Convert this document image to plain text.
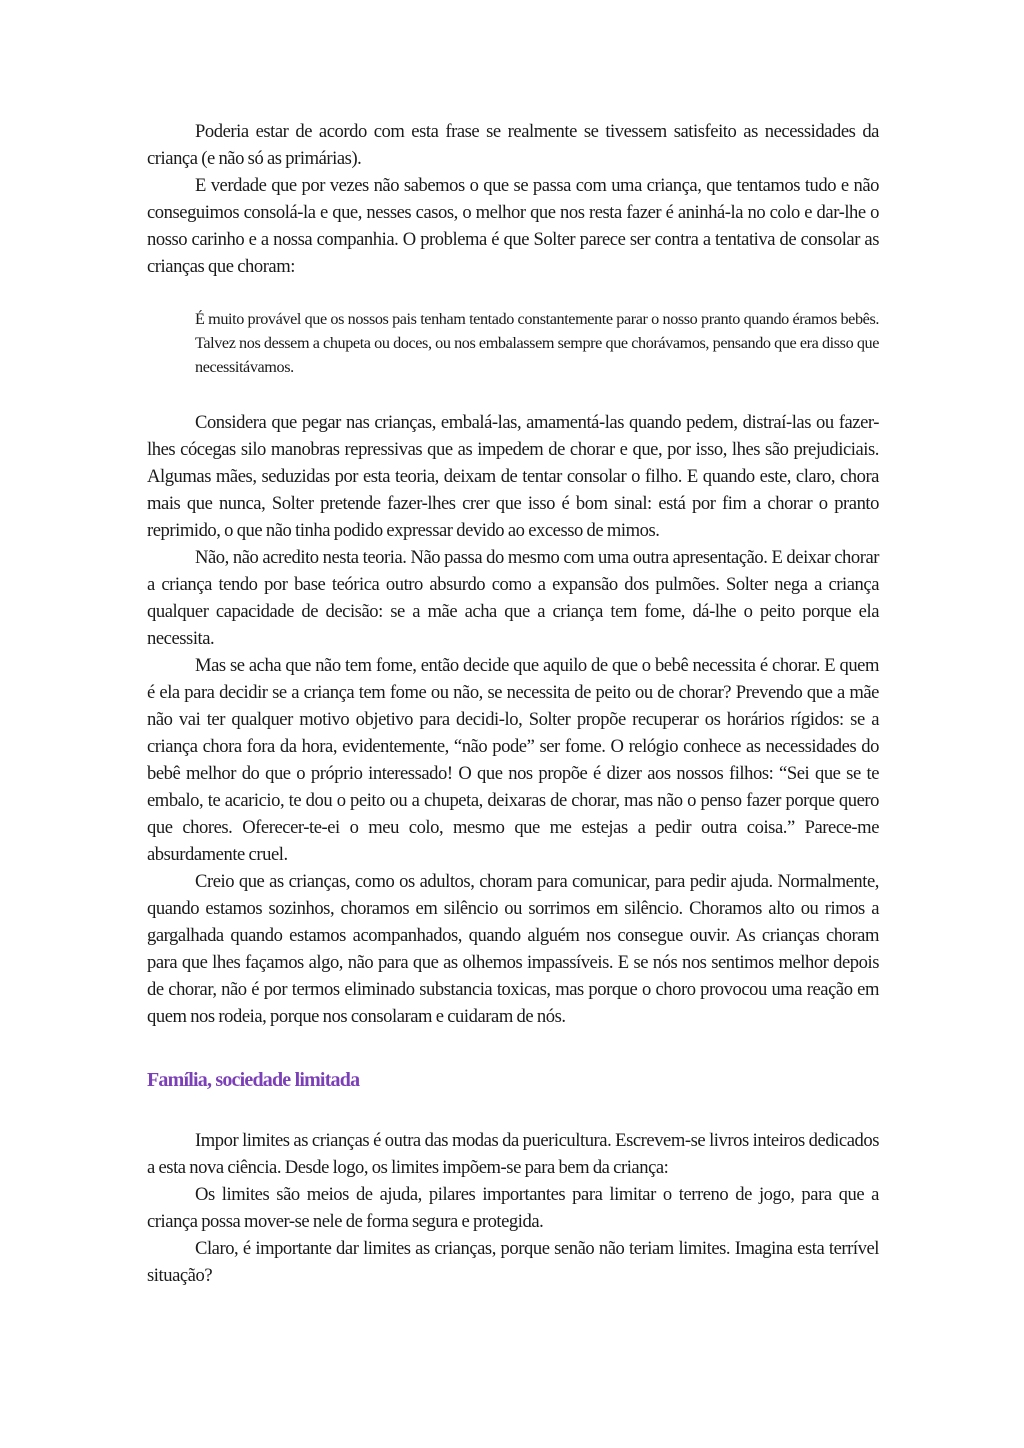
Poderia estar de acordo com esta frase se realmente se tivessem satisfeito as necessidades da criança (e não só as primárias).

E verdade que por vezes não sabemos o que se passa com uma criança, que tentamos tudo e não conseguimos consolá-la e que, nesses casos, o melhor que nos resta fazer é aninhá-la no colo e dar-lhe o nosso carinho e a nossa companhia. O problema é que Solter parece ser contra a tentativa de consolar as crianças que choram:

É muito provável que os nossos pais tenham tentado constantemente parar o nosso pranto quando éramos bebês. Talvez nos dessem a chupeta ou doces, ou nos embalassem sempre que chorávamos, pensando que era disso que necessitávamos.

Considera que pegar nas crianças, embalá-las, amamentá-las quando pedem, distraí-las ou fazer-lhes cócegas silo manobras repressivas que as impedem de chorar e que, por isso, lhes são prejudiciais. Algumas mães, seduzidas por esta teoria, deixam de tentar consolar o filho. E quando este, claro, chora mais que nunca, Solter pretende fazer-lhes crer que isso é bom sinal: está por fim a chorar o pranto reprimido, o que não tinha podido expressar devido ao excesso de mimos.

Não, não acredito nesta teoria. Não passa do mesmo com uma outra apresentação. E deixar chorar a criança tendo por base teórica outro absurdo como a expansão dos pulmões. Solter nega a criança qualquer capacidade de decisão: se a mãe acha que a criança tem fome, dá-lhe o peito porque ela necessita.

Mas se acha que não tem fome, então decide que aquilo de que o bebê necessita é chorar. E quem é ela para decidir se a criança tem fome ou não, se necessita de peito ou de chorar? Prevendo que a mãe não vai ter qualquer motivo objetivo para decidi-lo, Solter propõe recuperar os horários rígidos: se a criança chora fora da hora, evidentemente, “não pode” ser fome. O relógio conhece as necessidades do bebê melhor do que o próprio interessado! O que nos propõe é dizer aos nossos filhos: “Sei que se te embalo, te acaricio, te dou o peito ou a chupeta, deixaras de chorar, mas não o penso fazer porque quero que chores. Oferecer-te-ei o meu colo, mesmo que me estejas a pedir outra coisa.” Parece-me absurdamente cruel.

Creio que as crianças, como os adultos, choram para comunicar, para pedir ajuda. Normalmente, quando estamos sozinhos, choramos em silêncio ou sorrimos em silêncio. Choramos alto ou rimos a gargalhada quando estamos acompanhados, quando alguém nos consegue ouvir. As crianças choram para que lhes façamos algo, não para que as olhemos impassíveis. E se nós nos sentimos melhor depois de chorar, não é por termos eliminado substancia toxicas, mas porque o choro provocou uma reação em quem nos rodeia, porque nos consolaram e cuidaram de nós.

Família, sociedade limitada

Impor limites as crianças é outra das modas da puericultura. Escrevem-se livros inteiros dedicados a esta nova ciência. Desde logo, os limites impõem-se para bem da criança:

Os limites são meios de ajuda, pilares importantes para limitar o terreno de jogo, para que a criança possa mover-se nele de forma segura e protegida.

Claro, é importante dar limites as crianças, porque senão não teriam limites. Imagina esta terrível situação?
